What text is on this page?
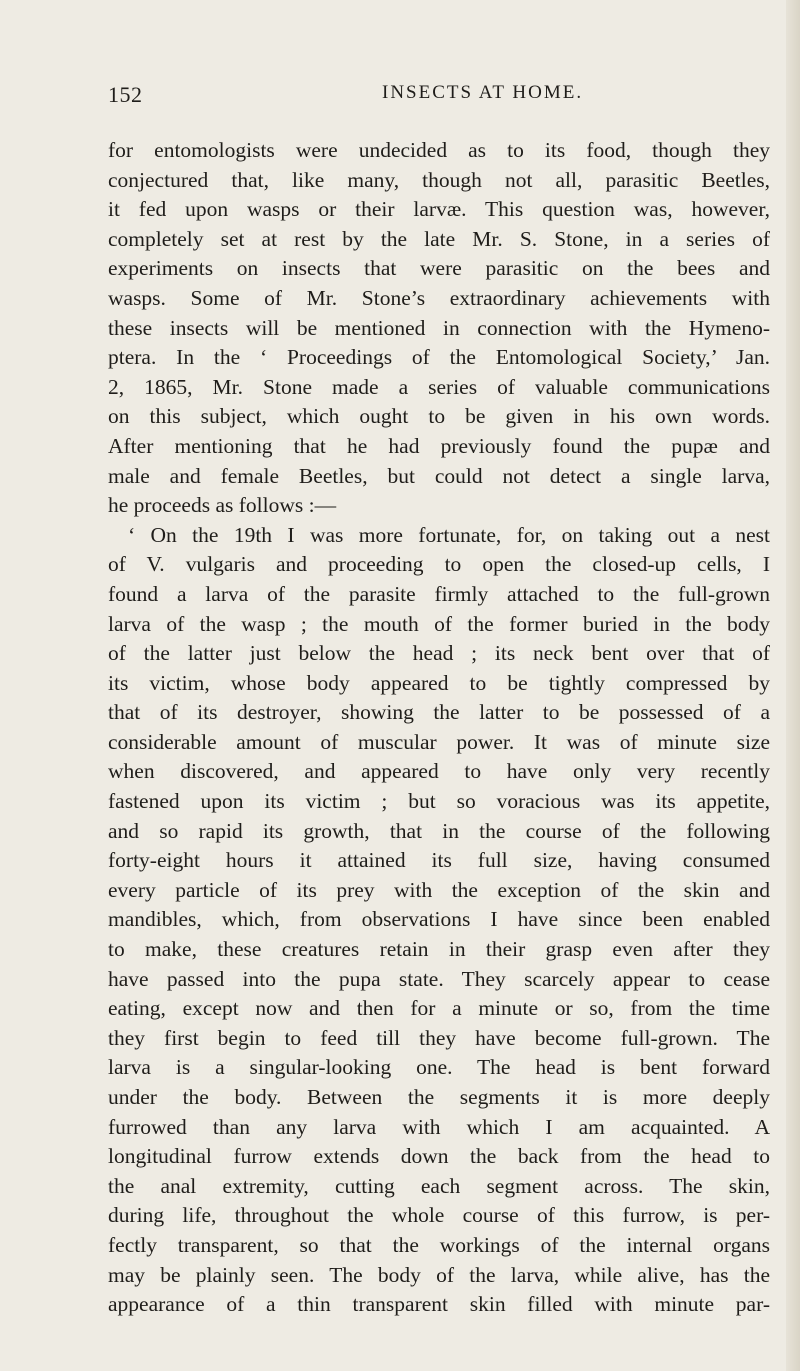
152	INSECTS AT HOME.
for entomologists were undecided as to its food, though they
conjectured that, like many, though not all, parasitic Beetles,
it fed upon wasps or their larvæ. This question was, however,
completely set at rest by the late Mr. S. Stone, in a series of
experiments on insects that were parasitic on the bees and
wasps. Some of Mr. Stone’s extraordinary achievements with
these insects will be mentioned in connection with the Hymeno-
ptera. In the ‘ Proceedings of the Entomological Society,’ Jan.
2, 1865, Mr. Stone made a series of valuable communications
on this subject, which ought to be given in his own words.
After mentioning that he had previously found the pupæ and
male and female Beetles, but could not detect a single larva,
he proceeds as follows :—
‘ On the 19th I was more fortunate, for, on taking out a nest
of V. vulgaris and proceeding to open the closed-up cells, I
found a larva of the parasite firmly attached to the full-grown
larva of the wasp ; the mouth of the former buried in the body
of the latter just below the head ; its neck bent over that of
its victim, whose body appeared to be tightly compressed by
that of its destroyer, showing the latter to be possessed of a
considerable amount of muscular power. It was of minute size
when discovered, and appeared to have only very recently
fastened upon its victim ; but so voracious was its appetite,
and so rapid its growth, that in the course of the following
forty-eight hours it attained its full size, having consumed
every particle of its prey with the exception of the skin and
mandibles, which, from observations I have since been enabled
to make, these creatures retain in their grasp even after they
have passed into the pupa state. They scarcely appear to cease
eating, except now and then for a minute or so, from the time
they first begin to feed till they have become full-grown. The
larva is a singular-looking one. The head is bent forward
under the body. Between the segments it is more deeply
furrowed than any larva with which I am acquainted. A
longitudinal furrow extends down the back from the head to
the anal extremity, cutting each segment across. The skin,
during life, throughout the whole course of this furrow, is per-
fectly transparent, so that the workings of the internal organs
may be plainly seen. The body of the larva, while alive, has the
appearance of a thin transparent skin filled with minute par-
